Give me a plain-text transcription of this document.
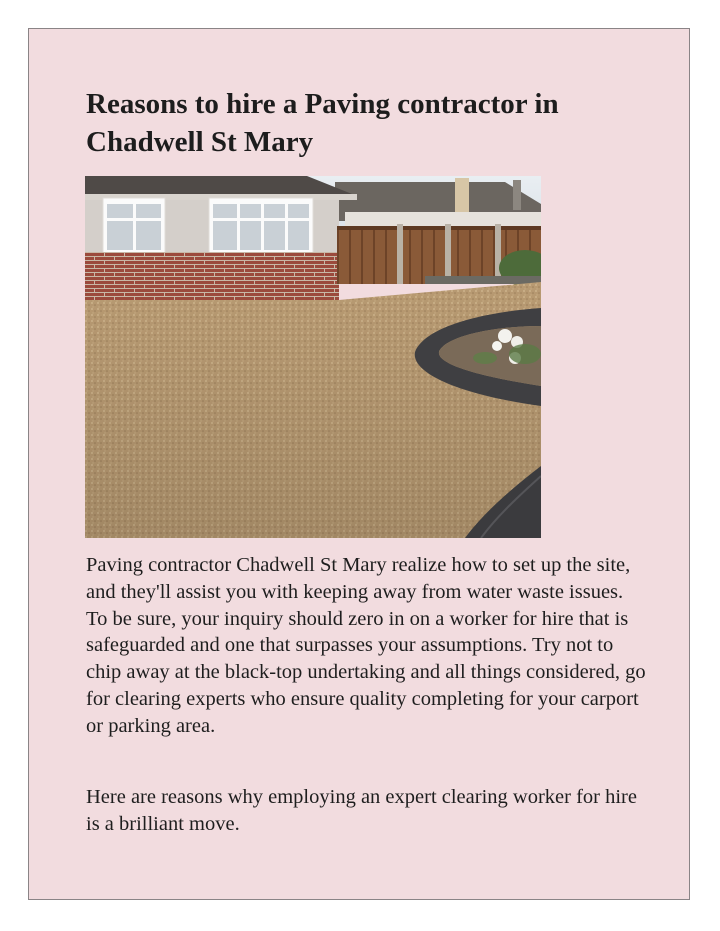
Reasons to hire a Paving contractor in Chadwell St Mary

Paving contractor Chadwell St Mary realize how to set up the site, and they'll assist you with keeping away from water waste issues. To be sure, your inquiry should zero in on a worker for hire that is safeguarded and one that surpasses your assumptions. Try not to chip away at the black-top undertaking and all things considered, go for clearing experts who ensure quality completing for your carport or parking area.

Here are reasons why employing an expert clearing worker for hire is a brilliant move.
